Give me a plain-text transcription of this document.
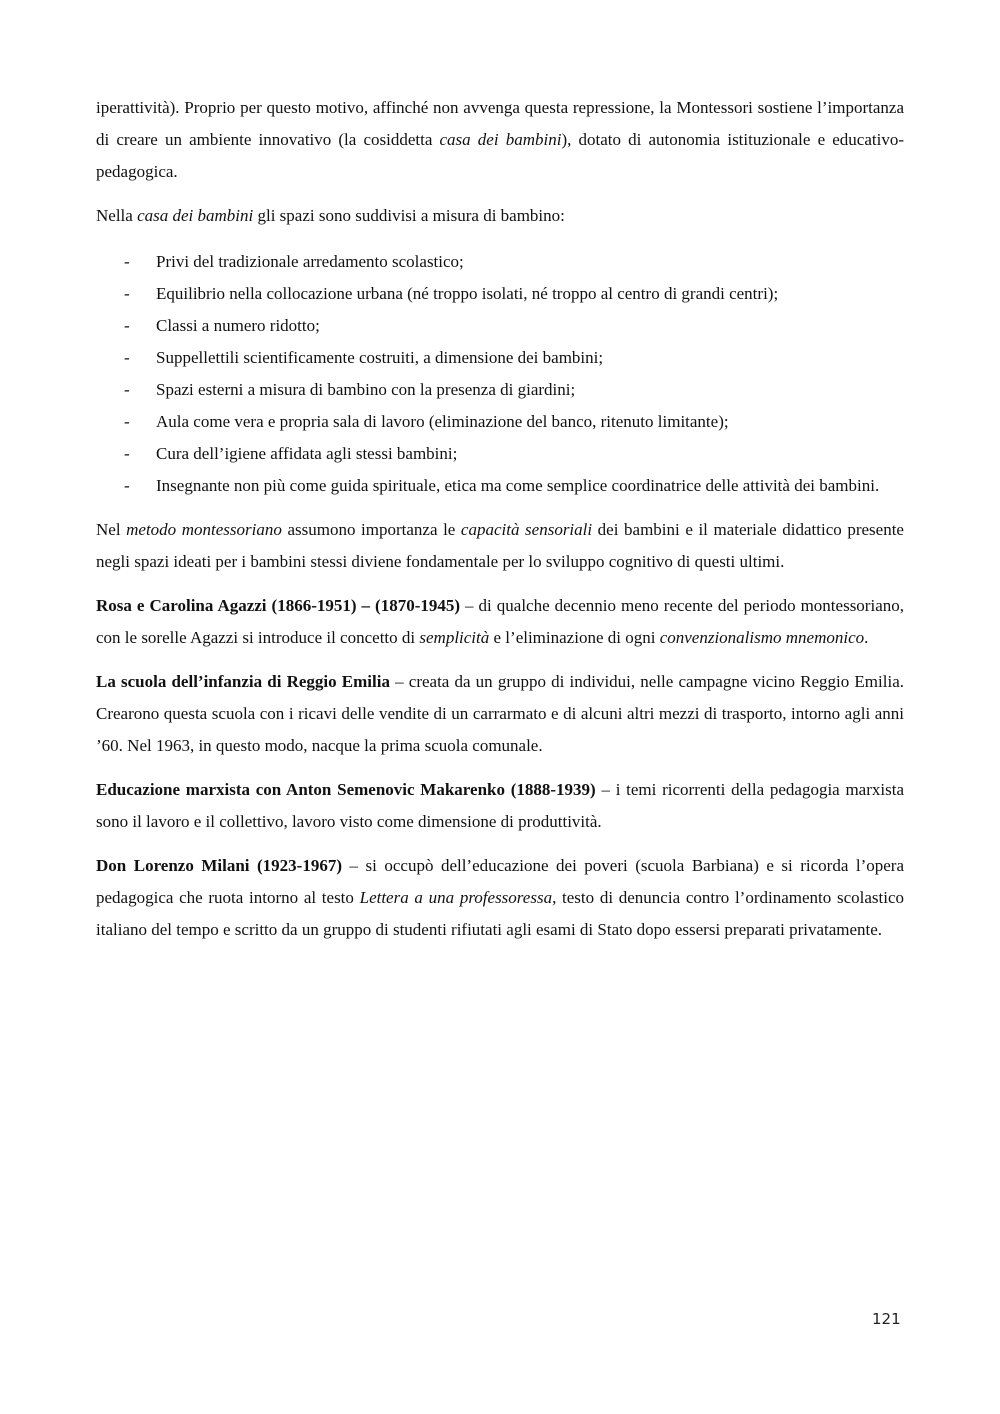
iperattività). Proprio per questo motivo, affinché non avvenga questa repressione, la Montessori sostiene l’importanza di creare un ambiente innovativo (la cosiddetta casa dei bambini), dotato di autonomia istituzionale e educativo-pedagogica.

Nella casa dei bambini gli spazi sono suddivisi a misura di bambino:

- Privi del tradizionale arredamento scolastico;
- Equilibrio nella collocazione urbana (né troppo isolati, né troppo al centro di grandi centri);
- Classi a numero ridotto;
- Suppellettili scientificamente costruiti, a dimensione dei bambini;
- Spazi esterni a misura di bambino con la presenza di giardini;
- Aula come vera e propria sala di lavoro (eliminazione del banco, ritenuto limitante);
- Cura dell’igiene affidata agli stessi bambini;
- Insegnante non più come guida spirituale, etica ma come semplice coordinatrice delle attività dei bambini.

Nel metodo montessoriano assumono importanza le capacità sensoriali dei bambini e il materiale didattico presente negli spazi ideati per i bambini stessi diviene fondamentale per lo sviluppo cognitivo di questi ultimi.

Rosa e Carolina Agazzi (1866-1951) – (1870-1945) – di qualche decennio meno recente del periodo montessoriano, con le sorelle Agazzi si introduce il concetto di semplicità e l’eliminazione di ogni convenzionalismo mnemonico.

La scuola dell’infanzia di Reggio Emilia – creata da un gruppo di individui, nelle campagne vicino Reggio Emilia. Crearono questa scuola con i ricavi delle vendite di un carrarmato e di alcuni altri mezzi di trasporto, intorno agli anni ’60. Nel 1963, in questo modo, nacque la prima scuola comunale.

Educazione marxista con Anton Semenovic Makarenko (1888-1939) – i temi ricorrenti della pedagogia marxista sono il lavoro e il collettivo, lavoro visto come dimensione di produttività.

Don Lorenzo Milani (1923-1967) – si occupò dell’educazione dei poveri (scuola Barbiana) e si ricorda l’opera pedagogica che ruota intorno al testo Lettera a una professoressa, testo di denuncia contro l’ordinamento scolastico italiano del tempo e scritto da un gruppo di studenti rifiutati agli esami di Stato dopo essersi preparati privatamente.

121
